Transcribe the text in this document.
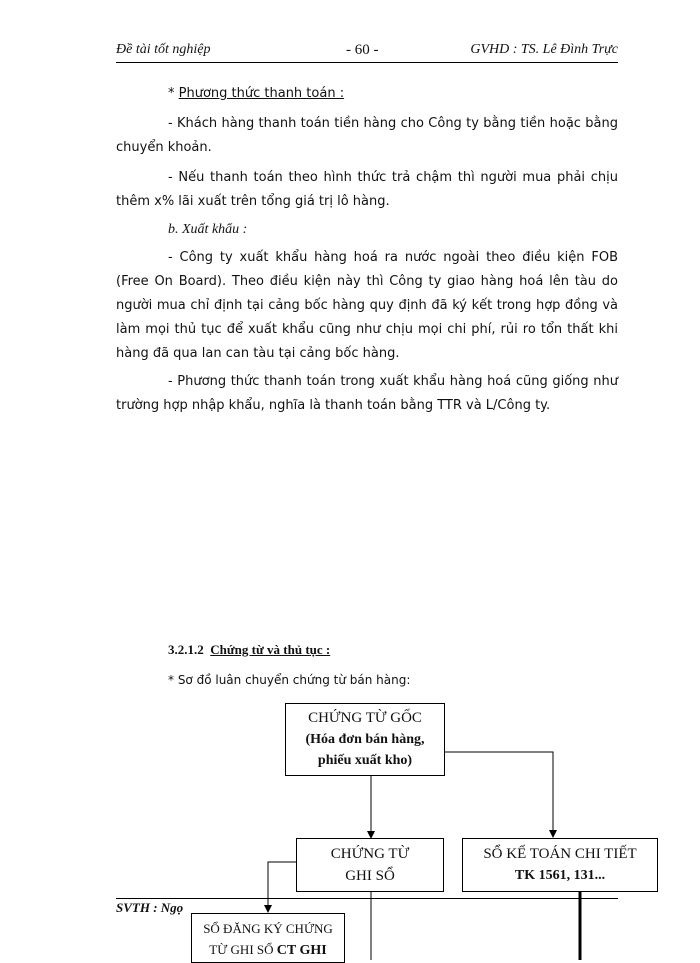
Đề tài tốt nghiệp	- 60 -	GVHD : TS. Lê Đình Trực
* Phương thức thanh toán :
- Khách hàng thanh toán tiền hàng cho Công ty bằng tiền hoặc bằng chuyển khoản.
- Nếu thanh toán theo hình thức trả chậm thì người mua phải chịu thêm x% lãi xuất trên tổng giá trị lô hàng.
b. Xuất khẩu :
- Công ty xuất khẩu hàng hoá ra nước ngoài theo điều kiện FOB (Free On Board). Theo điều kiện này thì Công ty giao hàng hoá lên tàu do người mua chỉ định tại cảng bốc hàng quy định đã ký kết trong hợp đồng và làm mọi thủ tục để xuất khẩu cũng như chịu mọi chi phí, rủi ro tổn thất khi hàng đã qua lan can tàu tại cảng bốc hàng.
- Phương thức thanh toán trong xuất khẩu hàng hoá cũng giống như trường hợp nhập khẩu, nghĩa là thanh toán bằng TTR và L/Công ty.
3.2.1.2 Chứng từ và thủ tục :
* Sơ đồ luân chuyển chứng từ bán hàng:
CHỨNG TỪ GỐC
(Hóa đơn bán hàng,
phiếu xuất kho)
CHỨNG TỪ
GHI SỔ
SỔ KẾ TOÁN CHI TIẾT
TK 1561, 131...
SVTH : Ngọ
SỔ ĐĂNG KÝ CHỨNG
TỪ GHI SỔ CT GHI
